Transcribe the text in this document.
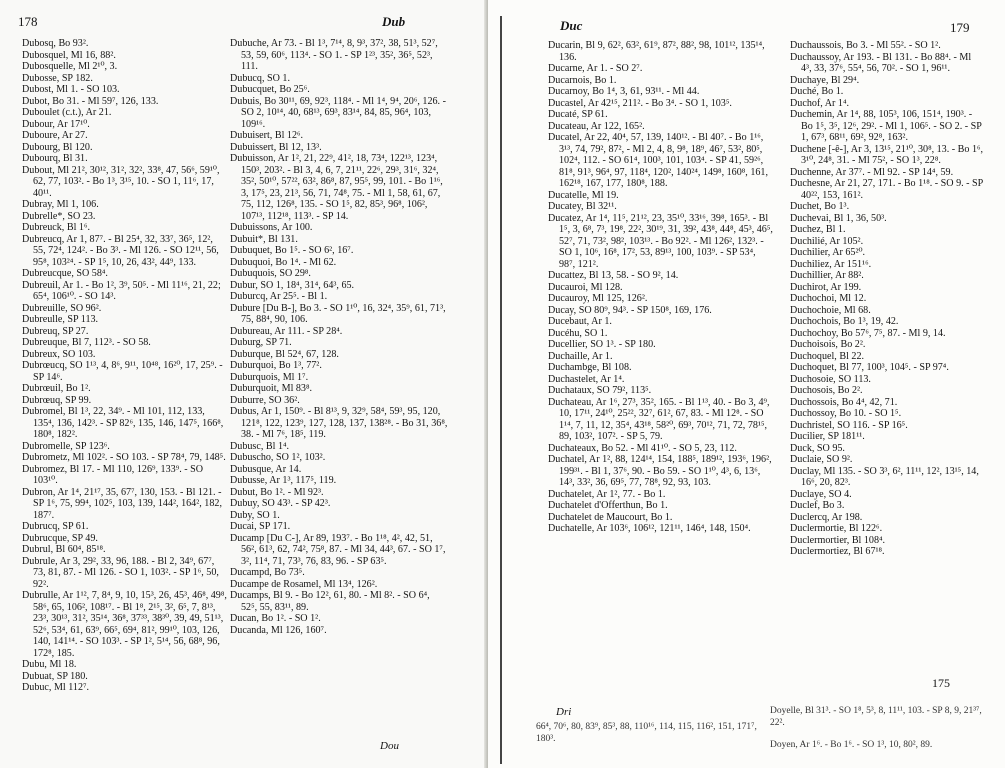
178	Dub
Dubosq, Bo 93².
Dubosquel, Ml 16, 88².
Dubosquelle, Ml 2¹⁰, 3.
Dubosse, SP 182.
Dubost, Ml 1. - SO 103.
Dubot, Bo 31. - Ml 59⁷, 126, 133.
Duboulet (c.t.), Ar 21.
Dubour, Ar 17¹⁰.
Duboure, Ar 27.
Dubourg, Bl 120.
Dubourq, Bl 31.
Dubout, Ml 21², 30¹², 31², 32², 33⁸, 47, 56⁶, 59¹⁰, 62, 77, 103². - Bo 1³, 3¹⁵, 10. - SO 1, 11⁶, 17, 40¹¹.
Dubray, Ml 1, 106.
Dubrelle*, SO 23.
Dubreuck, Bl 1⁶.
Dubreucq, Ar 1, 87⁷. - Bl 25⁴, 32, 33⁷, 36⁵, 12², 55, 72⁴, 124². - Bo 3³. - Ml 126. - SO 12¹¹, 56, 95⁸, 103²⁴. - SP 1⁵, 10, 26, 43², 44⁹, 133.
Dubreucque, SO 58⁴.
Dubreuil, Ar 1. - Bo 1², 3⁹, 50⁵. - Ml 11¹⁶, 21, 22; 65⁴, 106¹⁰. - SO 14³.
Dubreuille, SO 96².
Dubreulle, SP 113.
Dubreuq, SP 27.
Dubreuque, Bl 7, 112³. - SO 58.
Dubreux, SO 103.
Dubrœucq, SO 1¹³, 4, 8⁶, 9¹¹, 10⁴⁸, 16²⁰, 17, 25⁹. - SP 14⁶.
Dubrœuil, Bo 1².
Dubrœuq, SP 99.
Dubromel, Bl 1³, 22, 34⁹. - Ml 101, 112, 133, 135⁴, 136, 142³. - SP 82⁶, 135, 146, 147⁵, 166⁸, 180⁸, 182².
Dubromelle, SP 123⁶.
Dubrometz, Ml 102². - SO 103. - SP 78⁴, 79, 148⁵.
Dubromez, Bl 17. - Ml 110, 126⁹, 133⁹. - SO 103¹⁰.
Dubron, Ar 1⁴, 21¹⁷, 35, 67⁷, 130, 153. - Bl 121. - SP 1⁶, 75, 99⁴, 102⁵, 103, 139, 144², 164², 182, 187⁷.
Dubrucq, SP 61.
Dubrucque, SP 49.
Dubrul, Bl 60⁴, 85¹⁸.
Dubrule, Ar 3, 29², 33, 96, 188. - Bl 2, 34⁹, 67⁷, 73, 81, 87. - Ml 126. - SO 1, 103². - SP 1⁶, 50, 92².
Dubrulle, Ar 1¹², 7, 8⁴, 9, 10, 15³, 26, 45³, 46⁸, 49⁸, 58⁶, 65, 106², 108¹⁷. - Bl 1⁸, 2¹⁵, 3², 6⁵, 7, 8¹³, 23³, 30¹³, 31², 35¹⁴, 36⁸, 37³³, 38³⁰, 39, 49, 51¹³, 52⁶, 53⁴, 61, 63⁹, 66⁵, 69⁴, 81², 99¹⁰, 103, 126, 140, 141¹⁴. - SO 103³. - SP 1², 5¹⁴, 56, 68⁸, 96, 172⁸, 185.
Dubu, Ml 18.
Dubuat, SP 180.
Dubuc, Ml 112⁷.
Dubuche, Ar 73. - Bl 1³, 7¹⁴, 8, 9³, 37², 38, 51³, 52⁷, 53, 59, 60⁶, 113⁴. - SO 1. - SP 1²³, 35², 36⁵, 52³, 111.
Dubucq, SO 1.
Dubucquet, Bo 25⁶.
Dubuis, Bo 30¹¹, 69, 92³, 118⁴. - Ml 1⁴, 9⁴, 20⁶, 126. - SO 2, 10¹⁴, 40, 68¹³, 69³, 83¹⁴, 84, 85, 96⁴, 103, 109¹⁶.
Dubuisert, Bl 12⁶.
Dubuissert, Bl 12, 13³.
Dubuisson, Ar 1², 21, 22⁹, 41², 18, 73⁴, 122¹³, 123⁴, 150³, 203². - Bl 3, 4, 6, 7, 21¹¹, 22⁶, 29³, 31⁶, 32⁴, 35², 50¹⁰, 57²², 63², 86⁸, 87, 95⁵, 99, 101. - Bo 1¹⁶, 3, 17⁵, 23, 21³, 56, 71, 74⁸, 75. - Ml 1, 58, 61, 67, 75, 112, 126⁸, 135. - SO 1⁵, 82, 85³, 96⁸, 106², 107¹³, 112¹⁸, 113³. - SP 14.
Dubuissons, Ar 100.
Dubuit*, Bl 131.
Dubuquet, Bo 1⁵. - SO 6², 16⁷.
Dubuquoi, Bo 1⁴. - Ml 62.
Dubuquois, SO 29⁸.
Dubur, SO 1, 18⁴, 31⁴, 64³, 65.
Duburcq, Ar 25⁵. - Bl 1.
Dubure [Du B-], Bo 3. - SO 1¹⁰, 16, 32⁴, 35⁹, 61, 71³, 75, 88⁴, 90, 106.
Dubureau, Ar 111. - SP 28⁴.
Duburg, SP 71.
Duburque, Bl 52⁴, 67, 128.
Duburquoi, Bo 1³, 77².
Duburquois, Ml 1⁷.
Duburquoit, Ml 83⁸.
Duburre, SO 36².
Dubus, Ar 1, 150⁹. - Bl 8¹³, 9, 32⁹, 58⁴, 59³, 95, 120, 121⁸, 122, 123⁹, 127, 128, 137, 138²⁸. - Bo 31, 36⁸, 38. - Ml 7⁶, 18⁵, 119.
Dubusc, Bl 1⁴.
Dubuscho, SO 1², 103².
Dubusque, Ar 14.
Dubusse, Ar 1³, 117⁵, 119.
Dubut, Bo 1². - Ml 92³.
Dubuy, SO 43³. - SP 42³.
Duby, SO 1.
Ducai, SP 171.
Ducamp [Du C-], Ar 89, 193⁷. - Bo 1¹⁸, 4², 42, 51, 56², 61³, 62, 74², 75⁸, 87. - Ml 34, 44³, 67. - SO 1⁷, 3², 11⁴, 71, 73³, 76, 83, 96. - SP 63⁵.
Ducampd, Bo 73⁵.
Ducampe de Rosamel, Ml 13⁴, 126².
Ducamps, Bl 9. - Bo 12², 61, 80. - Ml 8². - SO 6⁴, 52⁵, 55, 83¹¹, 89.
Ducan, Bo 1². - SO 1².
Ducanda, Ml 126, 160⁷.
Dou
Duc	179
Ducarin, Bl 9, 62², 63², 61⁹, 87², 88², 98, 101¹², 135¹⁴, 136.
Ducarne, Ar 1. - SO 2⁷.
Ducarnois, Bo 1.
Ducarnoy, Bo 1⁴, 3, 61, 93¹¹. - Ml 44.
Ducastel, Ar 42¹⁵, 211². - Bo 3⁴. - SO 1, 103⁵.
Ducaté, SP 61.
Ducateau, Ar 122, 165².
Ducatel, Ar 22, 40⁴, 57, 139, 140¹². - Bl 40⁷. - Bo 1¹⁶, 3¹³, 74, 79², 87², - Ml 2, 4, 8, 9⁸, 18⁹, 46⁷, 53², 80⁵, 102⁴, 112. - SO 61⁴, 100³, 101, 103⁴. - SP 41, 59²⁶, 81⁸, 91³, 96⁴, 97, 118⁴, 120², 140²⁴, 149⁸, 160⁸, 161, 162¹⁸, 167, 177, 180⁸, 188.
Ducatelle, Ml 19.
Ducatey, Bl 32¹¹.
Ducatez, Ar 1⁴, 11⁵, 21¹², 23, 35¹⁰, 33¹⁶, 39⁸, 165³. - Bl 1⁵, 3, 6⁸, 7³, 19⁸, 22², 30¹⁹, 31, 39², 43⁸, 44⁸, 45³, 46⁵, 52⁷, 71, 73², 98², 103¹³. - Bo 92². - Ml 126², 132³. - SO 1, 10⁶, 16⁸, 17², 53, 89¹³, 100, 103⁹. - SP 53⁴, 98⁷, 121².
Ducattez, Bl 13, 58. - SO 9², 14.
Ducauroi, Ml 128.
Ducauroy, Ml 125, 126².
Ducay, SO 80⁹, 94³. - SP 150⁸, 169, 176.
Ducebaut, Ar 1.
Ducéhu, SO 1.
Ducellier, SO 1³. - SP 180.
Duchaille, Ar 1.
Duchambge, Bl 108.
Duchastelet, Ar 1⁴.
Duchataux, SO 79², 113⁵.
Duchateau, Ar 1⁶, 27³, 35², 165. - Bl 1¹³, 40. - Bo 3, 4⁹, 10, 17¹¹, 24¹⁰, 25²², 32⁷, 61², 67, 83. - Ml 12⁸. - SO 1¹⁴, 7, 11, 12, 35⁴, 43¹⁸, 58²⁰, 69³, 70¹², 71, 72, 78¹⁵, 89, 103², 107². - SP 5, 79.
Duchateaux, Bo 52. - Ml 41¹⁰. - SO 5, 23, 112.
Duchatel, Ar 1², 88, 124¹⁴, 154, 188⁵, 189¹², 193⁶, 196², 199³¹. - Bl 1, 37⁶, 90. - Bo 59. - SO 1¹⁰, 4³, 6, 13⁶, 14³, 33², 36, 69⁵, 77, 78⁸, 92, 93, 103.
Duchatelet, Ar 1², 77. - Bo 1.
Duchatelet d'Offerthun, Bo 1.
Duchatelet de Maucourt, Bo 1.
Duchatelle, Ar 103⁶, 106¹², 121¹¹, 146⁴, 148, 150⁴.
Duchaussois, Bo 3. - Ml 55². - SO 1².
Duchaussoy, Ar 193. - Bl 131. - Bo 88⁴. - Ml 4³, 33, 37⁶, 55⁴, 56, 70². - SO 1, 96¹¹.
Duchaye, Bl 29⁴.
Duché, Bo 1.
Duchof, Ar 1⁴.
Duchemin, Ar 1⁴, 88, 105³, 106, 151⁴, 190³. - Bo 1⁵, 3⁵, 12⁶, 29². - Ml 1, 106⁵. - SO 2. - SP 1, 67³, 68¹¹, 69², 92⁸, 163².
Duchene [-ê-], Ar 3, 13¹⁵, 21¹⁰, 30⁸, 13. - Bo 1⁶, 3¹⁰, 24⁸, 31. - Ml 75², - SO 1³, 22⁸.
Duchenne, Ar 37⁷. - Ml 92. - SP 14⁴, 59.
Duchesne, Ar 21, 27, 171. - Bo 1¹⁸. - SO 9. - SP 40²², 153, 161².
Duchet, Bo 1³.
Duchevai, Bl 1, 36, 50³.
Duchez, Bl 1.
Duchilié, Ar 105².
Duchilier, Ar 65²⁰.
Duchiliez, Ar 151¹⁶.
Duchillier, Ar 88².
Duchirot, Ar 199.
Duchochoi, Ml 12.
Duchochoie, Ml 68.
Duchochois, Bo 1³, 19, 42.
Duchochoy, Bo 57⁶, 7⁵, 87. - Ml 9, 14.
Duchoisois, Bo 2².
Duchoquel, Bl 22.
Duchoquet, Bl 77, 100³, 104⁵. - SP 97⁴.
Duchosoie, SO 113.
Duchosois, Bo 2².
Duchossois, Bo 4⁴, 42, 71.
Duchossoy, Bo 10. - SO 1⁵.
Duchristel, SO 116. - SP 16⁵.
Ducilier, SP 181¹¹.
Duck, SO 95.
Duclaie, SO 9².
Duclay, Ml 135. - SO 3³, 6², 11¹¹, 12², 13¹⁵, 14, 16⁶, 20, 82³.
Duclaye, SO 4.
Duclef, Bo 3.
Duclercq, Ar 198.
Duclermortie, Bl 122⁶.
Duclermortier, Bl 108⁴.
Duclermortiez, Bl 67¹⁸.
175
Dri
66⁴, 70⁶, 80, 83⁹, 85³, 88, 110¹⁶, 114, 115, 116², 151, 171⁷, 180³.
Doyelle, Bl 31³. - SO 1⁸, 5³, 8, 11¹¹, 103. - SP 8, 9, 21³⁷, 22².
Doyen, Ar 1⁶. - Bo 1⁶. - SO 1³, 10, 80², 89.
